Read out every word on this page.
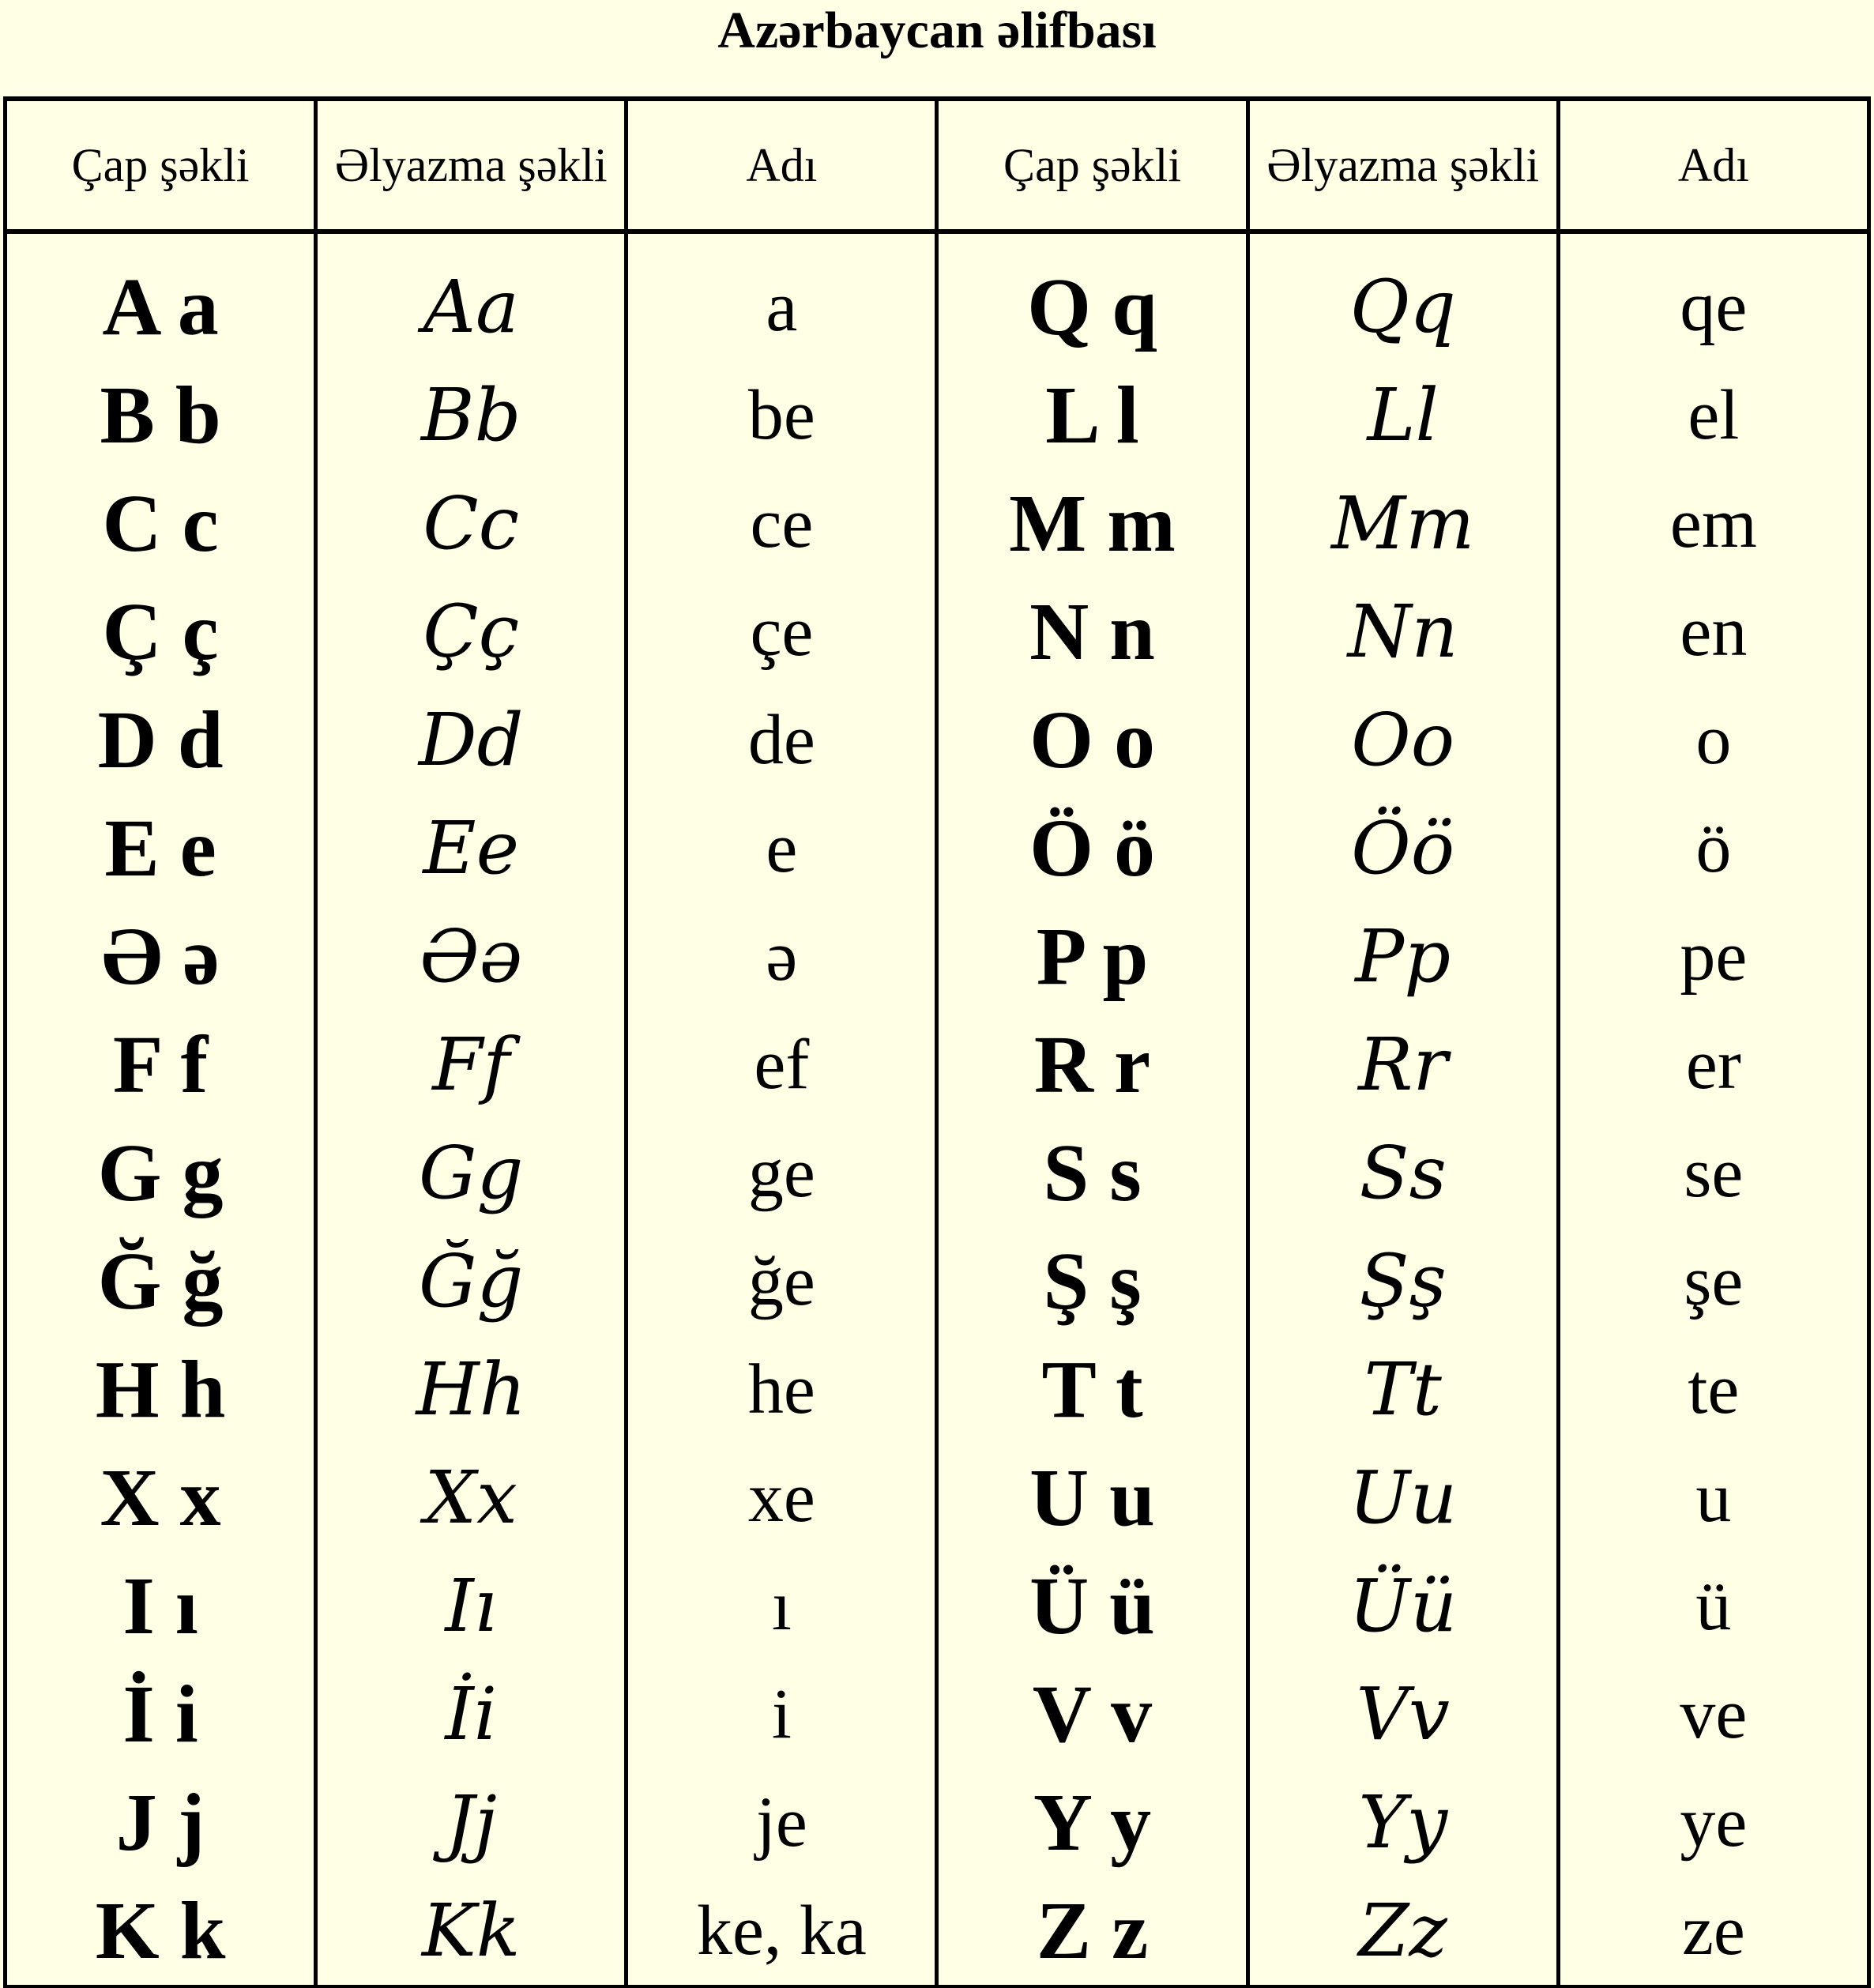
Azərbaycan əlifbası
Çap şəkli	Əlyazma şəkli	Adı	Çap şəkli	Əlyazma şəkli	Adı
A a	Aa	a	Q q	Qq	qe
B b	Bb	be	L l	Ll	el
C c	Cc	ce	M m	Mm	em
Ç ç	Çç	çe	N n	Nn	en
D d	Dd	de	O o	Oo	o
E e	Ee	e	Ö ö	Öö	ö
Ə ə	Əə	ə	P p	Pp	pe
F f	Ff	ef	R r	Rr	er
G g	Gg	ge	S s	Ss	se
Ğ ğ	Ğğ	ğe	Ş ş	Şş	şe
H h	Hh	he	T t	Tt	te
X x	Xx	xe	U u	Uu	u
I ı	Iı	ı	Ü ü	Üü	ü
İ i	İi	i	V v	Vv	ve
J j	Jj	je	Y y	Yy	ye
K k	Kk	ke, ka	Z z	Zz	ze
